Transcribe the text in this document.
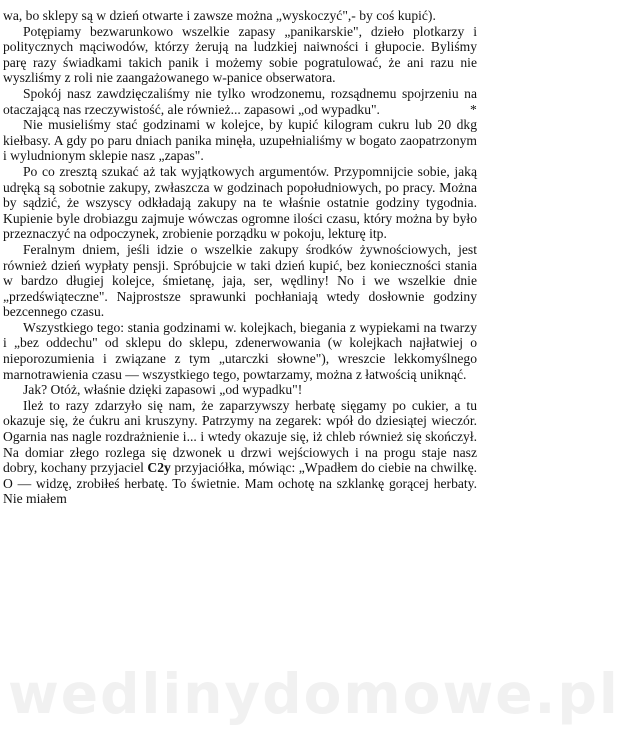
wa, bo sklepy są w dzień otwarte i zawsze można „wyskoczyć",- by coś kupić).

Potępiamy bezwarunkowo wszelkie zapasy „panikarskie", dzieło plotkarzy i politycznych mąciwodów, którzy żerują na ludzkiej naiwności i głupocie. Byliśmy parę razy świadkami takich panik i możemy sobie pogratulować, że ani razu nie wyszliśmy z roli nie zaangażowanego w-panice obserwatora.

Spokój nasz zawdzięczaliśmy nie tylko wrodzonemu, rozsądnemu spojrzeniu na otaczającą nas rzeczywistość, ale również... zapasowi „od wypadku".	*

Nie musieliśmy stać godzinami w kolejce, by kupić kilogram cukru lub 20 dkg kiełbasy. A gdy po paru dniach panika minęła, uzupełnialiśmy w bogato zaopatrzonym i wyludnionym sklepie nasz „zapas".

Po co zresztą szukać aż tak wyjątkowych argumentów. Przypomnijcie sobie, jaką udręką są sobotnie zakupy, zwłaszcza w godzinach popołudniowych, po pracy. Można by sądzić, że wszyscy odkładają zakupy na te właśnie ostatnie godziny tygodnia. Kupienie byle drobiazgu zajmuje wówczas ogromne ilości czasu, który można by było przeznaczyć na odpoczynek, zrobienie porządku w pokoju, lekturę itp.

Feralnym dniem, jeśli idzie o wszelkie zakupy środków żywnościowych, jest również dzień wypłaty pensji. Spróbujcie w taki dzień kupić, bez konieczności stania w bardzo długiej kolejce, śmietanę, jaja, ser, wędliny! No i we wszelkie dnie „przedświąteczne". Najprostsze sprawunki pochłaniają wtedy dosłownie godziny bezcennego czasu.

Wszystkiego tego: stania godzinami w. kolejkach, biegania z wypiekami na twarzy i „bez oddechu" od sklepu do sklepu, zdenerwowania (w kolejkach najłatwiej o nieporozumienia i związane z tym „utarczki słowne"), wreszcie lekkomyślnego marnotrawienia czasu — wszystkiego tego, powtarzamy, można z łatwością uniknąć.

Jak? Otóż, właśnie dzięki zapasowi „od wypadku"!

Ileż to razy zdarzyło się nam, że zaparzywszy herbatę sięgamy po cukier, a tu okazuje się, że ćukru ani kruszyny. Patrzymy na zegarek: wpół do dziesiątej wieczór. Ogarnia nas nagle rozdrażnienie i... i wtedy okazuje się, iż chleb również się skończył. Na domiar złego rozlega się dzwonek u drzwi wejściowych i na progu staje nasz dobry, kochany przyjaciel C2y przyjaciółka, mówiąc: „Wpadłem do ciebie na chwilkę. O — widzę, zrobiłeś herbatę. To świetnie. Mam ochotę na szklankę gorącej herbaty. Nie miałem

wedlinydomowe.pl
